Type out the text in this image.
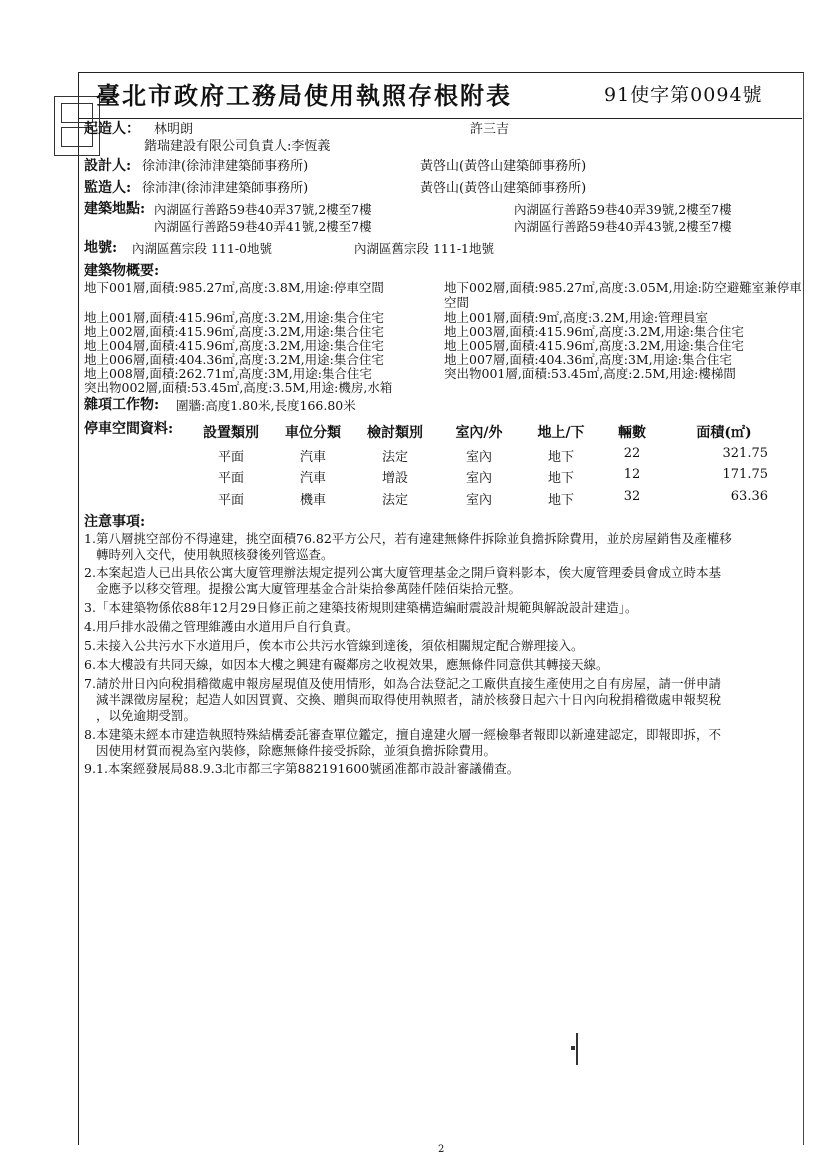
臺北市政府工務局使用執照存根附表	91使字第0094號
起造人： 林明朗	許三吉
鍇瑞建設有限公司負責人:李恆義
設計人: 徐沛津(徐沛津建築師事務所)	黃啓山(黃啓山建築師事務所)
監造人: 徐沛津(徐沛津建築師事務所)	黃啓山(黃啓山建築師事務所)
建築地點: 內湖區行善路59巷40弄37號,2樓至7樓	內湖區行善路59巷40弄39號,2樓至7樓
內湖區行善路59巷40弄41號,2樓至7樓	內湖區行善路59巷40弄43號,2樓至7樓
地號: 內湖區舊宗段 111-0地號	內湖區舊宗段 111-1地號
建築物概要:
地下001層,面積:985.27㎡,高度:3.8M,用途:停車空間
地上001層,面積:415.96㎡,高度:3.2M,用途:集合住宅
地上002層,面積:415.96㎡,高度:3.2M,用途:集合住宅
地上004層,面積:415.96㎡,高度:3.2M,用途:集合住宅
地上006層,面積:404.36㎡,高度:3.2M,用途:集合住宅
地上008層,面積:262.71㎡,高度:3M,用途:集合住宅
突出物002層,面積:53.45㎡,高度:3.5M,用途:機房,水箱
地下002層,面積:985.27㎡,高度:3.05M,用途:防空避難室兼停車
空間
地上001層,面積:9㎡,高度:3.2M,用途:管理員室
地上003層,面積:415.96㎡,高度:3.2M,用途:集合住宅
地上005層,面積:415.96㎡,高度:3.2M,用途:集合住宅
地上007層,面積:404.36㎡,高度:3M,用途:集合住宅
突出物001層,面積:53.45㎡,高度:2.5M,用途:樓梯間
雜項工作物: 圍牆:高度1.80米,長度166.80米
停車空間資料:	設置類別	車位分類	檢討類別	室內/外	地上/下	輛數	面積(㎡)
平面	汽車	法定	室內	地下	22	321.75
平面	汽車	增設	室內	地下	12	171.75
平面	機車	法定	室內	地下	32	63.36
注意事項:
1. 第八層挑空部份不得違建，挑空面積76.82平方公尺，若有違建無條件拆除並負擔拆除費用，並於房屋銷售及產權移
轉時列入交代，使用執照核發後列管巡查。
2. 本案起造人已出具依公寓大廈管理辦法規定提列公寓大廈管理基金之開戶資料影本，俟大廈管理委員會成立時本基
金應予以移交管理。提撥公寓大廈管理基金合計柒拾參萬陸仟陸佰柒拾元整。
3. 「本建築物係依88年12月29日修正前之建築技術規則建築構造編耐震設計規範與解說設計建造」。
4. 用戶排水設備之管理維護由水道用戶自行負責。
5. 未接入公共污水下水道用戶，俟本市公共污水管線到達後，須依相關規定配合辦理接入。
6. 本大樓設有共同天線，如因本大樓之興建有礙鄰房之收視效果，應無條件同意供其轉接天線。
7. 請於卅日內向稅捐稽徵處申報房屋現值及使用情形，如為合法登記之工廠供直接生產使用之自有房屋，請一併申請
減半課徵房屋稅；起造人如因買賣、交換、贈與而取得使用執照者，請於核發日起六十日內向稅捐稽徵處申報契稅
，以免逾期受罰。
8. 本建築未經本市建造執照特殊結構委託審查單位鑑定，擅自違建火層一經檢舉者報即以新違建認定，即報即拆，不
因使用材質而視為室內裝修，除應無條件接受拆除，並須負擔拆除費用。
9. 1.本案經發展局88.9.3北市都三字第882191600號函准都市設計審議備查。
2
